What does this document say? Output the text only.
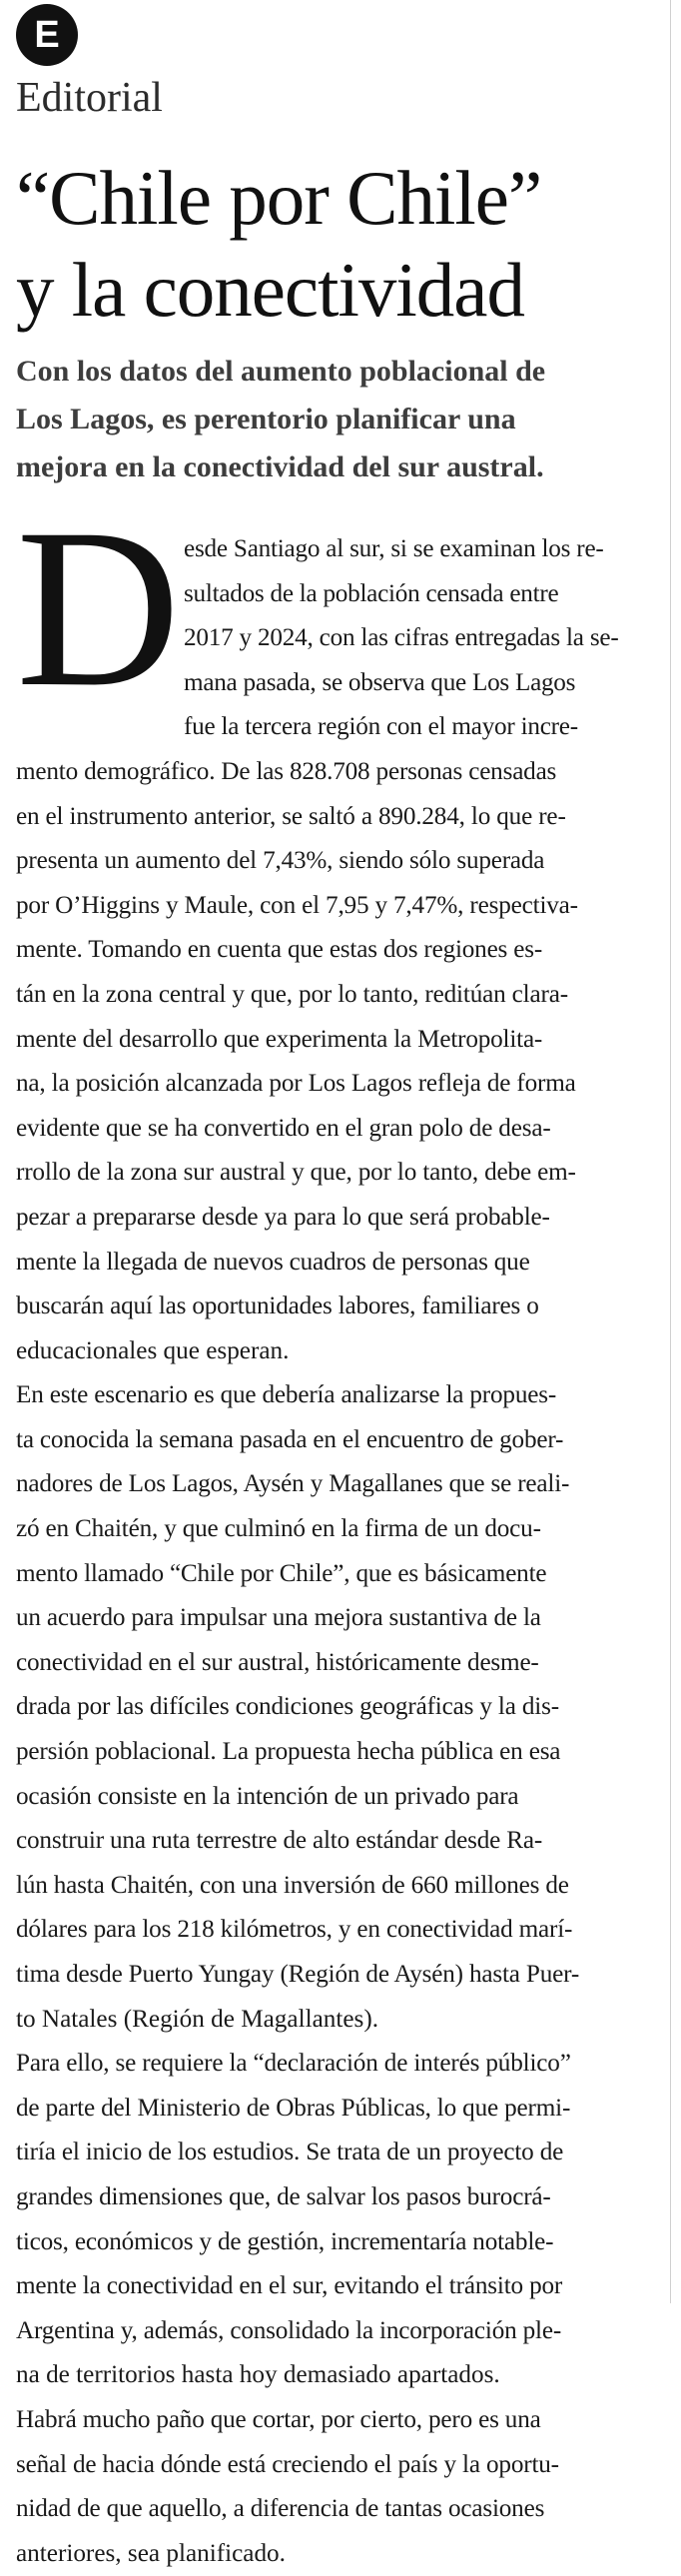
E
Editorial
“Chile por Chile”
y la conectividad

Con los datos del aumento poblacional de
Los Lagos, es perentorio planificar una
mejora en la conectividad del sur austral.

D esde Santiago al sur, si se examinan los re-
sultados de la población censada entre
2017 y 2024, con las cifras entregadas la se-
mana pasada, se observa que Los Lagos
fue la tercera región con el mayor incre-
mento demográfico. De las 828.708 personas censadas
en el instrumento anterior, se saltó a 890.284, lo que re-
presenta un aumento del 7,43%, siendo sólo superada
por O’Higgins y Maule, con el 7,95 y 7,47%, respectiva-
mente. Tomando en cuenta que estas dos regiones es-
tán en la zona central y que, por lo tanto, reditúan clara-
mente del desarrollo que experimenta la Metropolita-
na, la posición alcanzada por Los Lagos refleja de forma
evidente que se ha convertido en el gran polo de desa-
rrollo de la zona sur austral y que, por lo tanto, debe em-
pezar a prepararse desde ya para lo que será probable-
mente la llegada de nuevos cuadros de personas que
buscarán aquí las oportunidades labores, familiares o
educacionales que esperan.
En este escenario es que debería analizarse la propues-
ta conocida la semana pasada en el encuentro de gober-
nadores de Los Lagos, Aysén y Magallanes que se reali-
zó en Chaitén, y que culminó en la firma de un docu-
mento llamado “Chile por Chile”, que es básicamente
un acuerdo para impulsar una mejora sustantiva de la
conectividad en el sur austral, históricamente desme-
drada por las difíciles condiciones geográficas y la dis-
persión poblacional. La propuesta hecha pública en esa
ocasión consiste en la intención de un privado para
construir una ruta terrestre de alto estándar desde Ra-
lún hasta Chaitén, con una inversión de 660 millones de
dólares para los 218 kilómetros, y en conectividad marí-
tima desde Puerto Yungay (Región de Aysén) hasta Puer-
to Natales (Región de Magallantes).
Para ello, se requiere la “declaración de interés público”
de parte del Ministerio de Obras Públicas, lo que permi-
tiría el inicio de los estudios. Se trata de un proyecto de
grandes dimensiones que, de salvar los pasos burocrá-
ticos, económicos y de gestión, incrementaría notable-
mente la conectividad en el sur, evitando el tránsito por
Argentina y, además, consolidado la incorporación ple-
na de territorios hasta hoy demasiado apartados.
Habrá mucho paño que cortar, por cierto, pero es una
señal de hacia dónde está creciendo el país y la oportu-
nidad de que aquello, a diferencia de tantas ocasiones
anteriores, sea planificado.
